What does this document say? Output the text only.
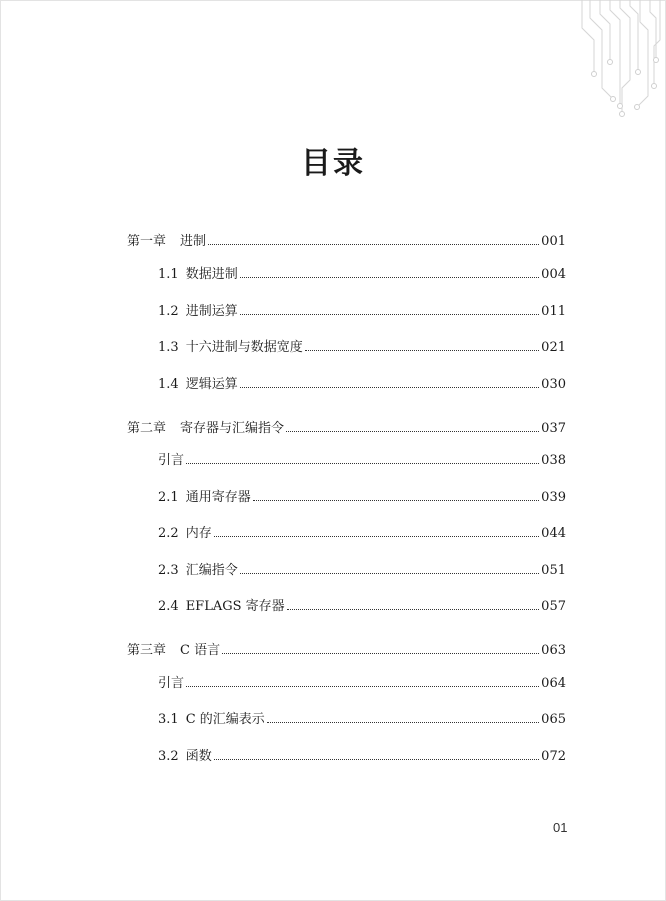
目录
第一章 进制	001
1.1 数据进制	004
1.2 进制运算	011
1.3 十六进制与数据宽度	021
1.4 逻辑运算	030
第二章 寄存器与汇编指令	037
引言	038
2.1 通用寄存器	039
2.2 内存	044
2.3 汇编指令	051
2.4 EFLAGS 寄存器	057
第三章 C 语言	063
引言	064
3.1 C 的汇编表示	065
3.2 函数	072
01
